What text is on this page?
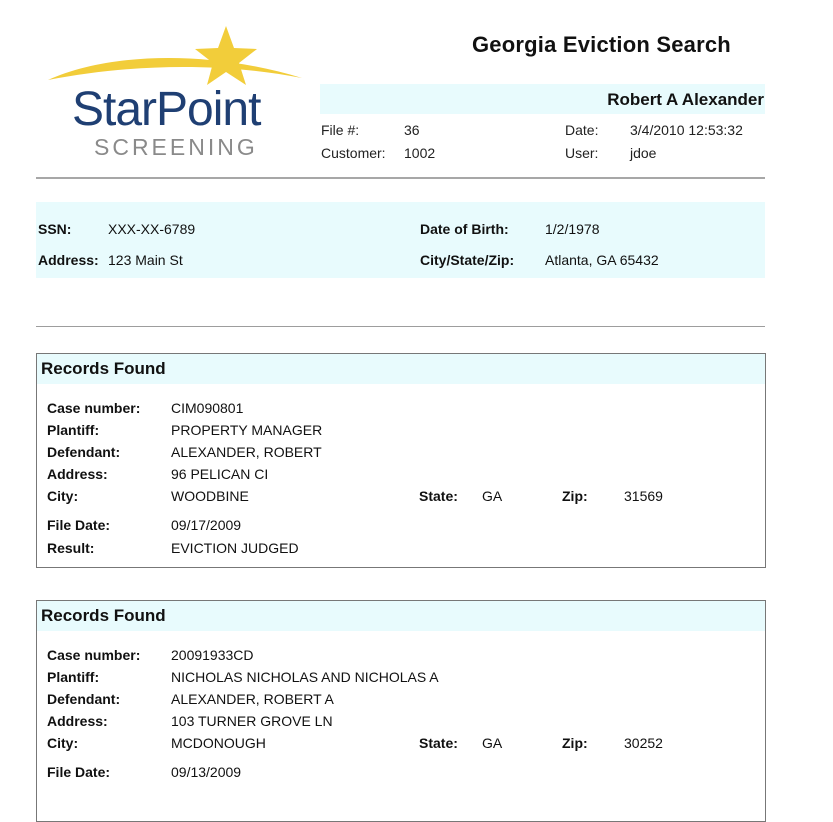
StarPoint
SCREENING
Georgia Eviction Search
Robert A Alexander
File #:	36
Customer: 1002
Date: 3/4/2010 12:53:32
User: jdoe
SSN:	XXX-XX-6789	Date of Birth:	1/2/1978
Address: 123 Main St	City/State/Zip: Atlanta, GA 65432
Records Found
Case number: CIM090801
Plantiff:	PROPERTY MANAGER
Defendant:	ALEXANDER, ROBERT
Address:	96 PELICAN CI
City:	WOODBINE	State: GA	Zip:	31569
File Date:	09/17/2009
Result:	EVICTION JUDGED
Records Found
Case number: 20091933CD
Plantiff:	NICHOLAS NICHOLAS AND NICHOLAS A
Defendant:	ALEXANDER, ROBERT A
Address:	103 TURNER GROVE LN
City:	MCDONOUGH	State: GA	Zip:	30252
File Date:	09/13/2009
